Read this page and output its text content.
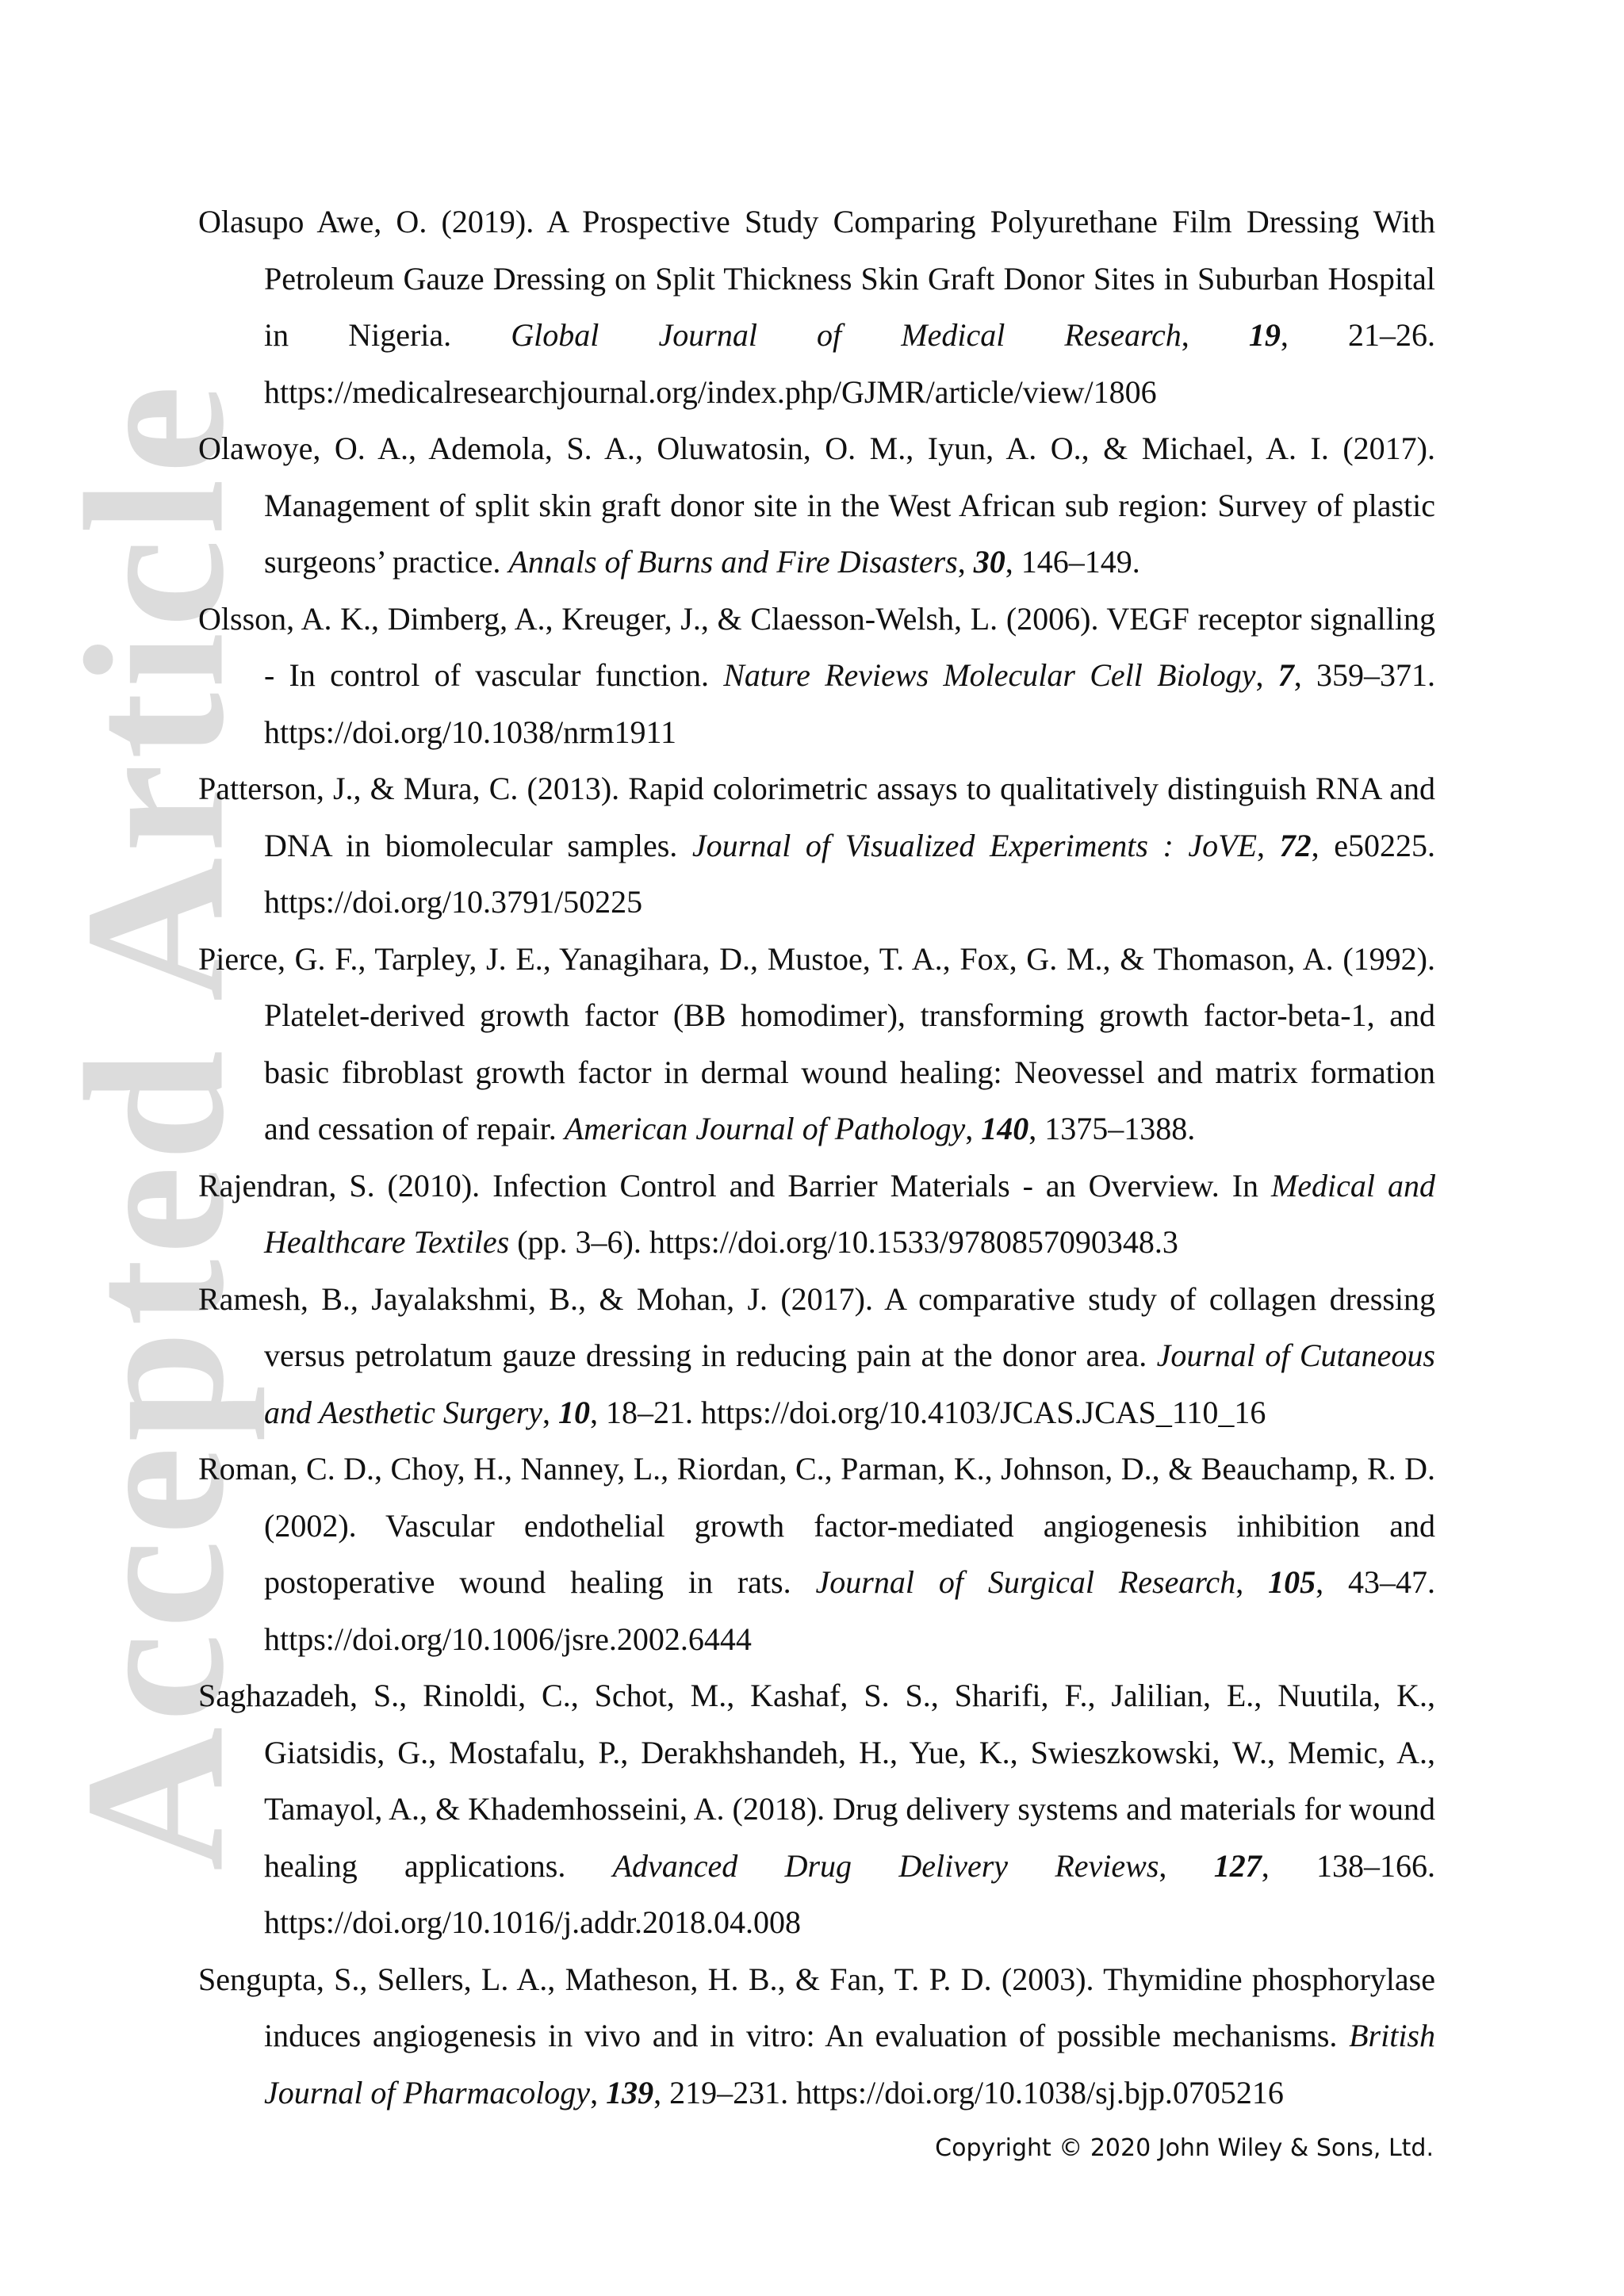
Accepted Article

Olasupo Awe, O. (2019). A Prospective Study Comparing Polyurethane Film Dressing With Petroleum Gauze Dressing on Split Thickness Skin Graft Donor Sites in Suburban Hospital in Nigeria. Global Journal of Medical Research, 19, 21–26. https://medicalresearchjournal.org/index.php/GJMR/article/view/1806

Olawoye, O. A., Ademola, S. A., Oluwatosin, O. M., Iyun, A. O., & Michael, A. I. (2017). Management of split skin graft donor site in the West African sub region: Survey of plastic surgeons’ practice. Annals of Burns and Fire Disasters, 30, 146–149.

Olsson, A. K., Dimberg, A., Kreuger, J., & Claesson-Welsh, L. (2006). VEGF receptor signalling - In control of vascular function. Nature Reviews Molecular Cell Biology, 7, 359–371. https://doi.org/10.1038/nrm1911

Patterson, J., & Mura, C. (2013). Rapid colorimetric assays to qualitatively distinguish RNA and DNA in biomolecular samples. Journal of Visualized Experiments : JoVE, 72, e50225. https://doi.org/10.3791/50225

Pierce, G. F., Tarpley, J. E., Yanagihara, D., Mustoe, T. A., Fox, G. M., & Thomason, A. (1992). Platelet-derived growth factor (BB homodimer), transforming growth factor-beta-1, and basic fibroblast growth factor in dermal wound healing: Neovessel and matrix formation and cessation of repair. American Journal of Pathology, 140, 1375–1388.

Rajendran, S. (2010). Infection Control and Barrier Materials - an Overview. In Medical and Healthcare Textiles (pp. 3–6). https://doi.org/10.1533/9780857090348.3

Ramesh, B., Jayalakshmi, B., & Mohan, J. (2017). A comparative study of collagen dressing versus petrolatum gauze dressing in reducing pain at the donor area. Journal of Cutaneous and Aesthetic Surgery, 10, 18–21. https://doi.org/10.4103/JCAS.JCAS_110_16

Roman, C. D., Choy, H., Nanney, L., Riordan, C., Parman, K., Johnson, D., & Beauchamp, R. D. (2002). Vascular endothelial growth factor-mediated angiogenesis inhibition and postoperative wound healing in rats. Journal of Surgical Research, 105, 43–47. https://doi.org/10.1006/jsre.2002.6444

Saghazadeh, S., Rinoldi, C., Schot, M., Kashaf, S. S., Sharifi, F., Jalilian, E., Nuutila, K., Giatsidis, G., Mostafalu, P., Derakhshandeh, H., Yue, K., Swieszkowski, W., Memic, A., Tamayol, A., & Khademhosseini, A. (2018). Drug delivery systems and materials for wound healing applications. Advanced Drug Delivery Reviews, 127, 138–166. https://doi.org/10.1016/j.addr.2018.04.008

Sengupta, S., Sellers, L. A., Matheson, H. B., & Fan, T. P. D. (2003). Thymidine phosphorylase induces angiogenesis in vivo and in vitro: An evaluation of possible mechanisms. British Journal of Pharmacology, 139, 219–231. https://doi.org/10.1038/sj.bjp.0705216

Copyright © 2020 John Wiley & Sons, Ltd.
